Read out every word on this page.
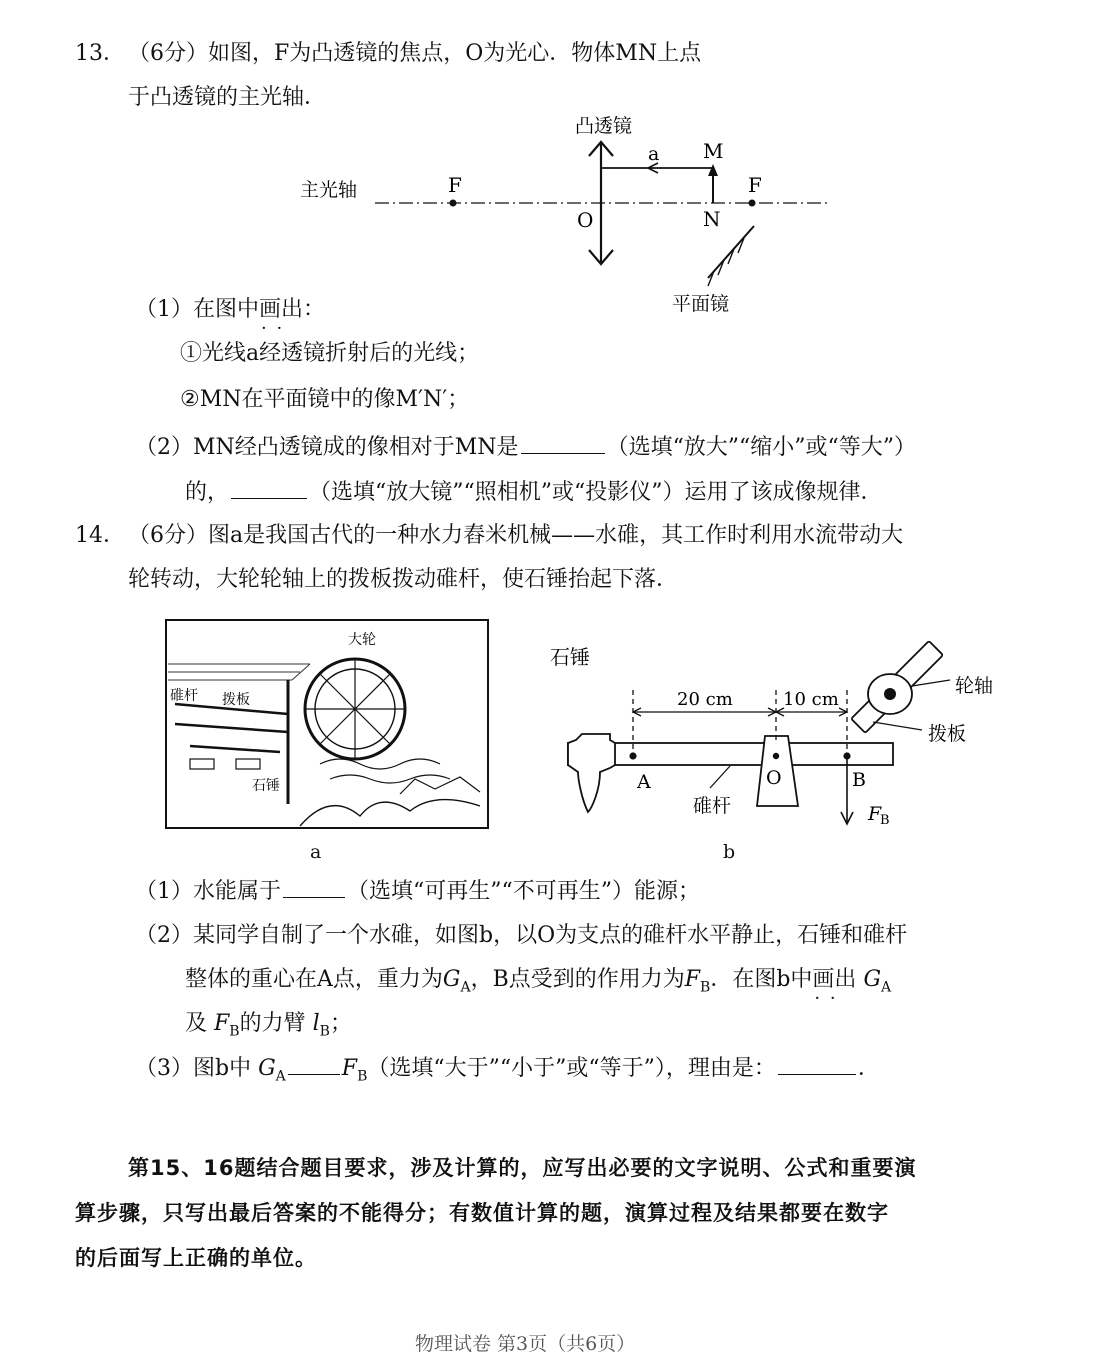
13． （6分）如图，F为凸透镜的焦点，O为光心．物体MN上点
于凸透镜的主光轴．
凸透镜
主光轴	F	F
O
a M
N
平面镜
（1）在图中画出 · ·：
①光线a经透镜折射后的光线；
②MN在平面镜中的像M′N′；
（2）MN经凸透镜成的像相对于MN是	（选填“放大”“缩小”或“等大”）
的，	（选填“放大镜”“照相机”或“投影仪”）运用了该成像规律．
14． （6分）图a是我国古代的一种水力舂米机械——水碓，其工作时利用水流带动大
轮转动，大轮轮轴上的拨板拨动碓杆，使石锤抬起下落．
大轮
碓杆 拨板
石锤
a
石锤
20 cm	10 cm
轮轴
拨板
A	O	B
碓杆	F
B
b
（1）水能属于	（选填“可再生”“不可再生”）能源；
（2）某同学自制了一个水碓，如图b，以O为支点的碓杆水平静止，石锤和碓杆
整体的重心在A点，重力为$G_A$，B点受到的作用力为$F_B$．在图b中画出 · · $G_A$
及 $F_B$的力臂 $l_B$；
（3）图b中 $G_A$	$F_B$（选填“大于”“小于”或“等于”），理由是：	．
第15、16题结合题目要求，涉及计算的，应写出必要的文字说明、公式和重要演
算步骤，只写出最后答案的不能得分；有数值计算的题，演算过程及结果都要在数字
的后面写上正确的单位。
物理试卷 第3页（共6页）
